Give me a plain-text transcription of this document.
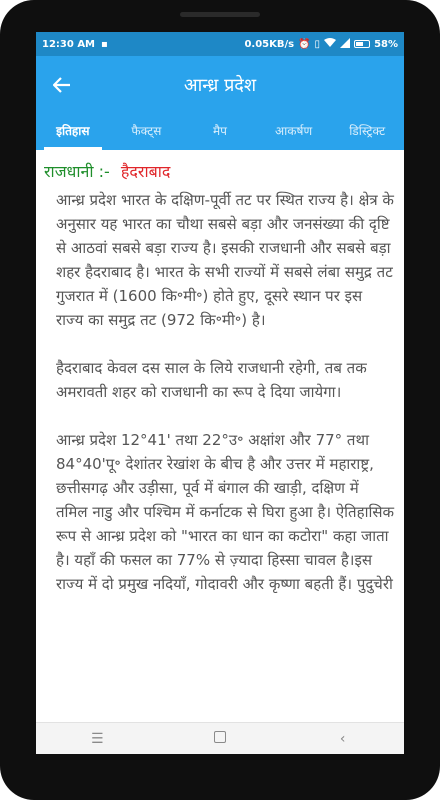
12:30 AM ▪	0.05KB/s ⏰ ▯	58%
आन्ध्र प्रदेश
इतिहास	फैक्ट्स	मैप	आकर्षण	डिस्ट्रिक्ट
राजधानी :- हैदराबाद

आन्ध्र प्रदेश भारत के दक्षिण-पूर्वी तट पर स्थित राज्य है। क्षेत्र के अनुसार यह भारत का चौथा सबसे बड़ा और जनसंख्या की दृष्टि से आठवां सबसे बड़ा राज्य है। इसकी राजधानी और सबसे बड़ा शहर हैदराबाद है। भारत के सभी राज्यों में सबसे लंबा समुद्र तट गुजरात में (1600 कि॰मी॰) होते हुए, दूसरे स्थान पर इस राज्य का समुद्र तट (972 कि॰मी॰) है।

हैदराबाद केवल दस साल के लिये राजधानी रहेगी, तब तक अमरावती शहर को राजधानी का रूप दे दिया जायेगा।

आन्ध्र प्रदेश 12°41' तथा 22°उ॰ अक्षांश और 77° तथा 84°40'पू॰ देशांतर रेखांश के बीच है और उत्तर में महाराष्ट्र, छत्तीसगढ़ और उड़ीसा, पूर्व में बंगाल की खाड़ी, दक्षिण में तमिल नाडु और पश्चिम में कर्नाटक से घिरा हुआ है। ऐतिहासिक रूप से आन्ध्र प्रदेश को "भारत का धान का कटोरा" कहा जाता है। यहाँ की फसल का 77% से ज़्यादा हिस्सा चावल है।इस राज्य में दो प्रमुख नदियाँ, गोदावरी और कृष्णा बहती हैं। पुदुचेरी

☰	‹
